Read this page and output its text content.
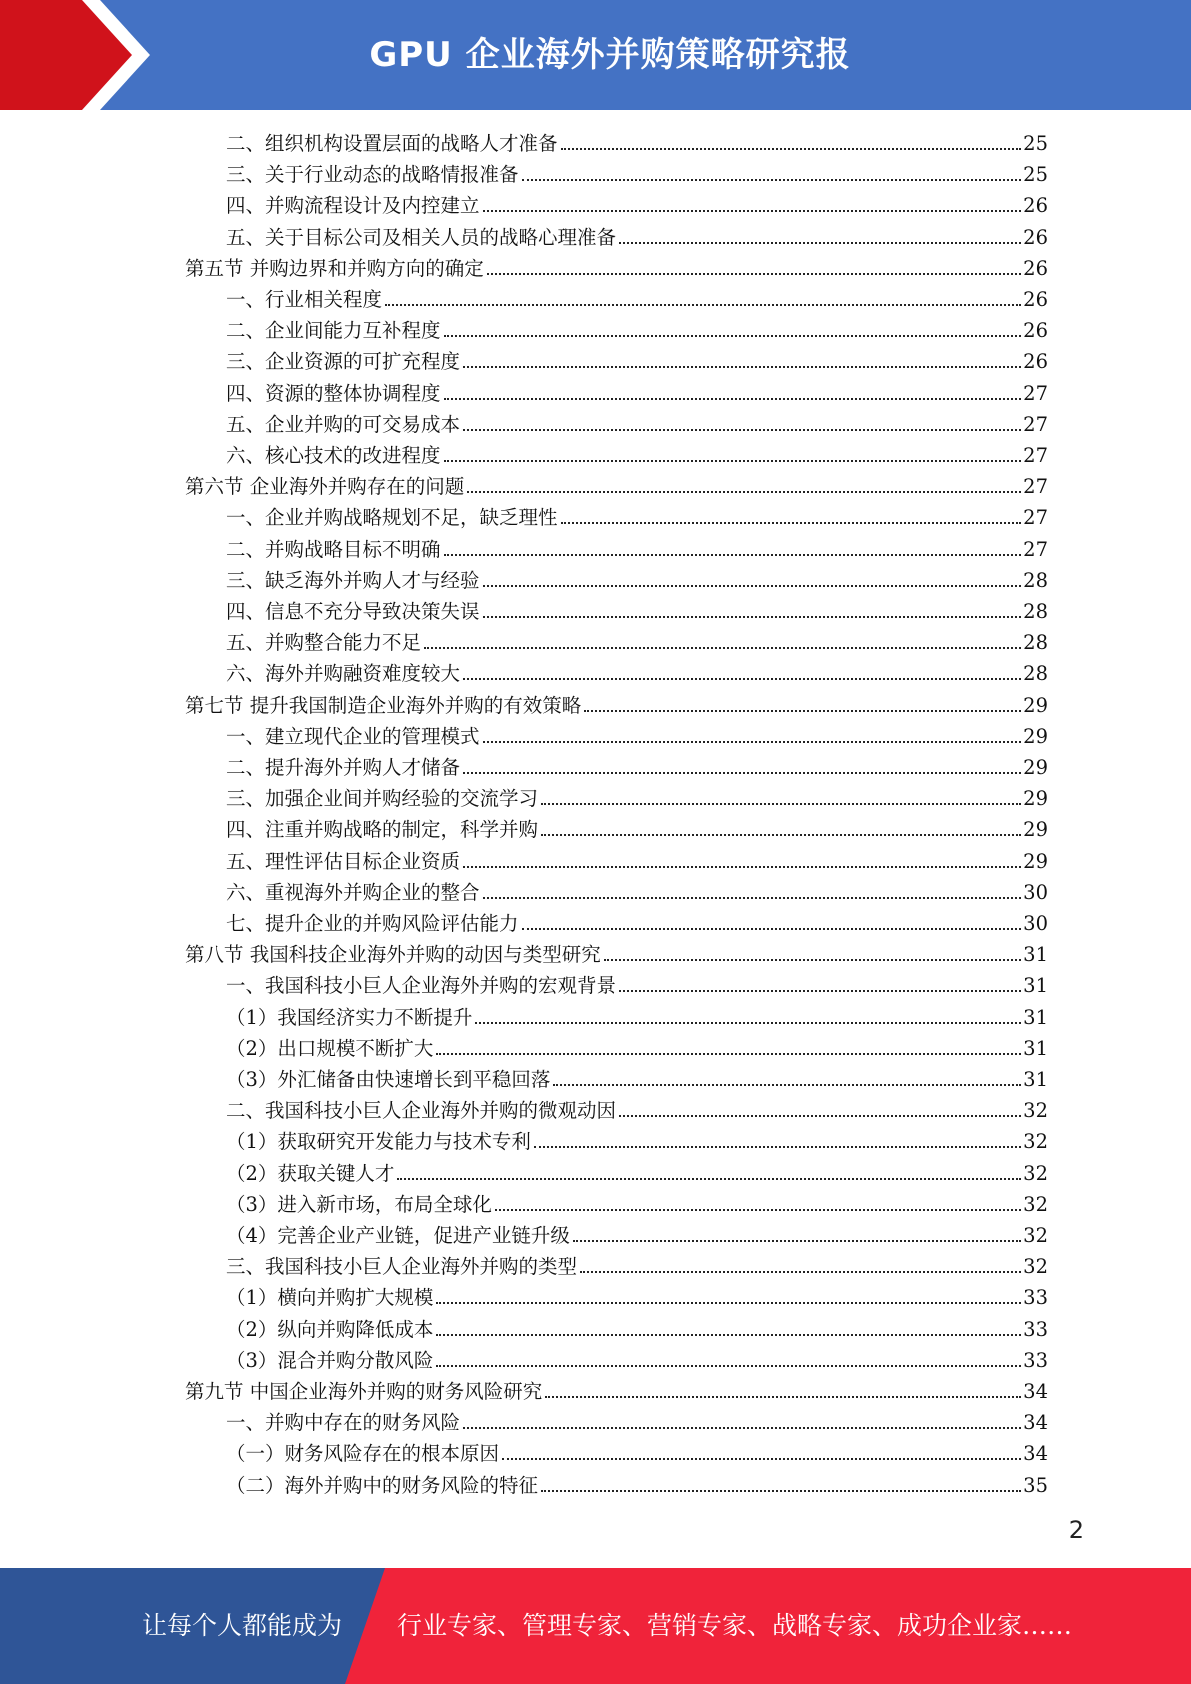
GPU 企业海外并购策略研究报告
二、组织机构设置层面的战略人才准备	25
三、关于行业动态的战略情报准备	25
四、并购流程设计及内控建立	26
五、关于目标公司及相关人员的战略心理准备	26
第五节 并购边界和并购方向的确定	26
一、行业相关程度	26
二、企业间能力互补程度	26
三、企业资源的可扩充程度	26
四、资源的整体协调程度	27
五、企业并购的可交易成本	27
六、核心技术的改进程度	27
第六节 企业海外并购存在的问题	27
一、企业并购战略规划不足，缺乏理性	27
二、并购战略目标不明确	27
三、缺乏海外并购人才与经验	28
四、信息不充分导致决策失误	28
五、并购整合能力不足	28
六、海外并购融资难度较大	28
第七节 提升我国制造企业海外并购的有效策略	29
一、建立现代企业的管理模式	29
二、提升海外并购人才储备	29
三、加强企业间并购经验的交流学习	29
四、注重并购战略的制定，科学并购	29
五、理性评估目标企业资质	29
六、重视海外并购企业的整合	30
七、提升企业的并购风险评估能力	30
第八节 我国科技企业海外并购的动因与类型研究	31
一、我国科技小巨人企业海外并购的宏观背景	31
（1）我国经济实力不断提升	31
（2）出口规模不断扩大	31
（3）外汇储备由快速增长到平稳回落	31
二、我国科技小巨人企业海外并购的微观动因	32
（1）获取研究开发能力与技术专利	32
（2）获取关键人才	32
（3）进入新市场，布局全球化	32
（4）完善企业产业链，促进产业链升级	32
三、我国科技小巨人企业海外并购的类型	32
（1）横向并购扩大规模	33
（2）纵向并购降低成本	33
（3）混合并购分散风险	33
第九节 中国企业海外并购的财务风险研究	34
一、并购中存在的财务风险	34
（一）财务风险存在的根本原因	34
（二）海外并购中的财务风险的特征	35
2
让每个人都能成为 行业专家、管理专家、营销专家、战略专家、成功企业家……
